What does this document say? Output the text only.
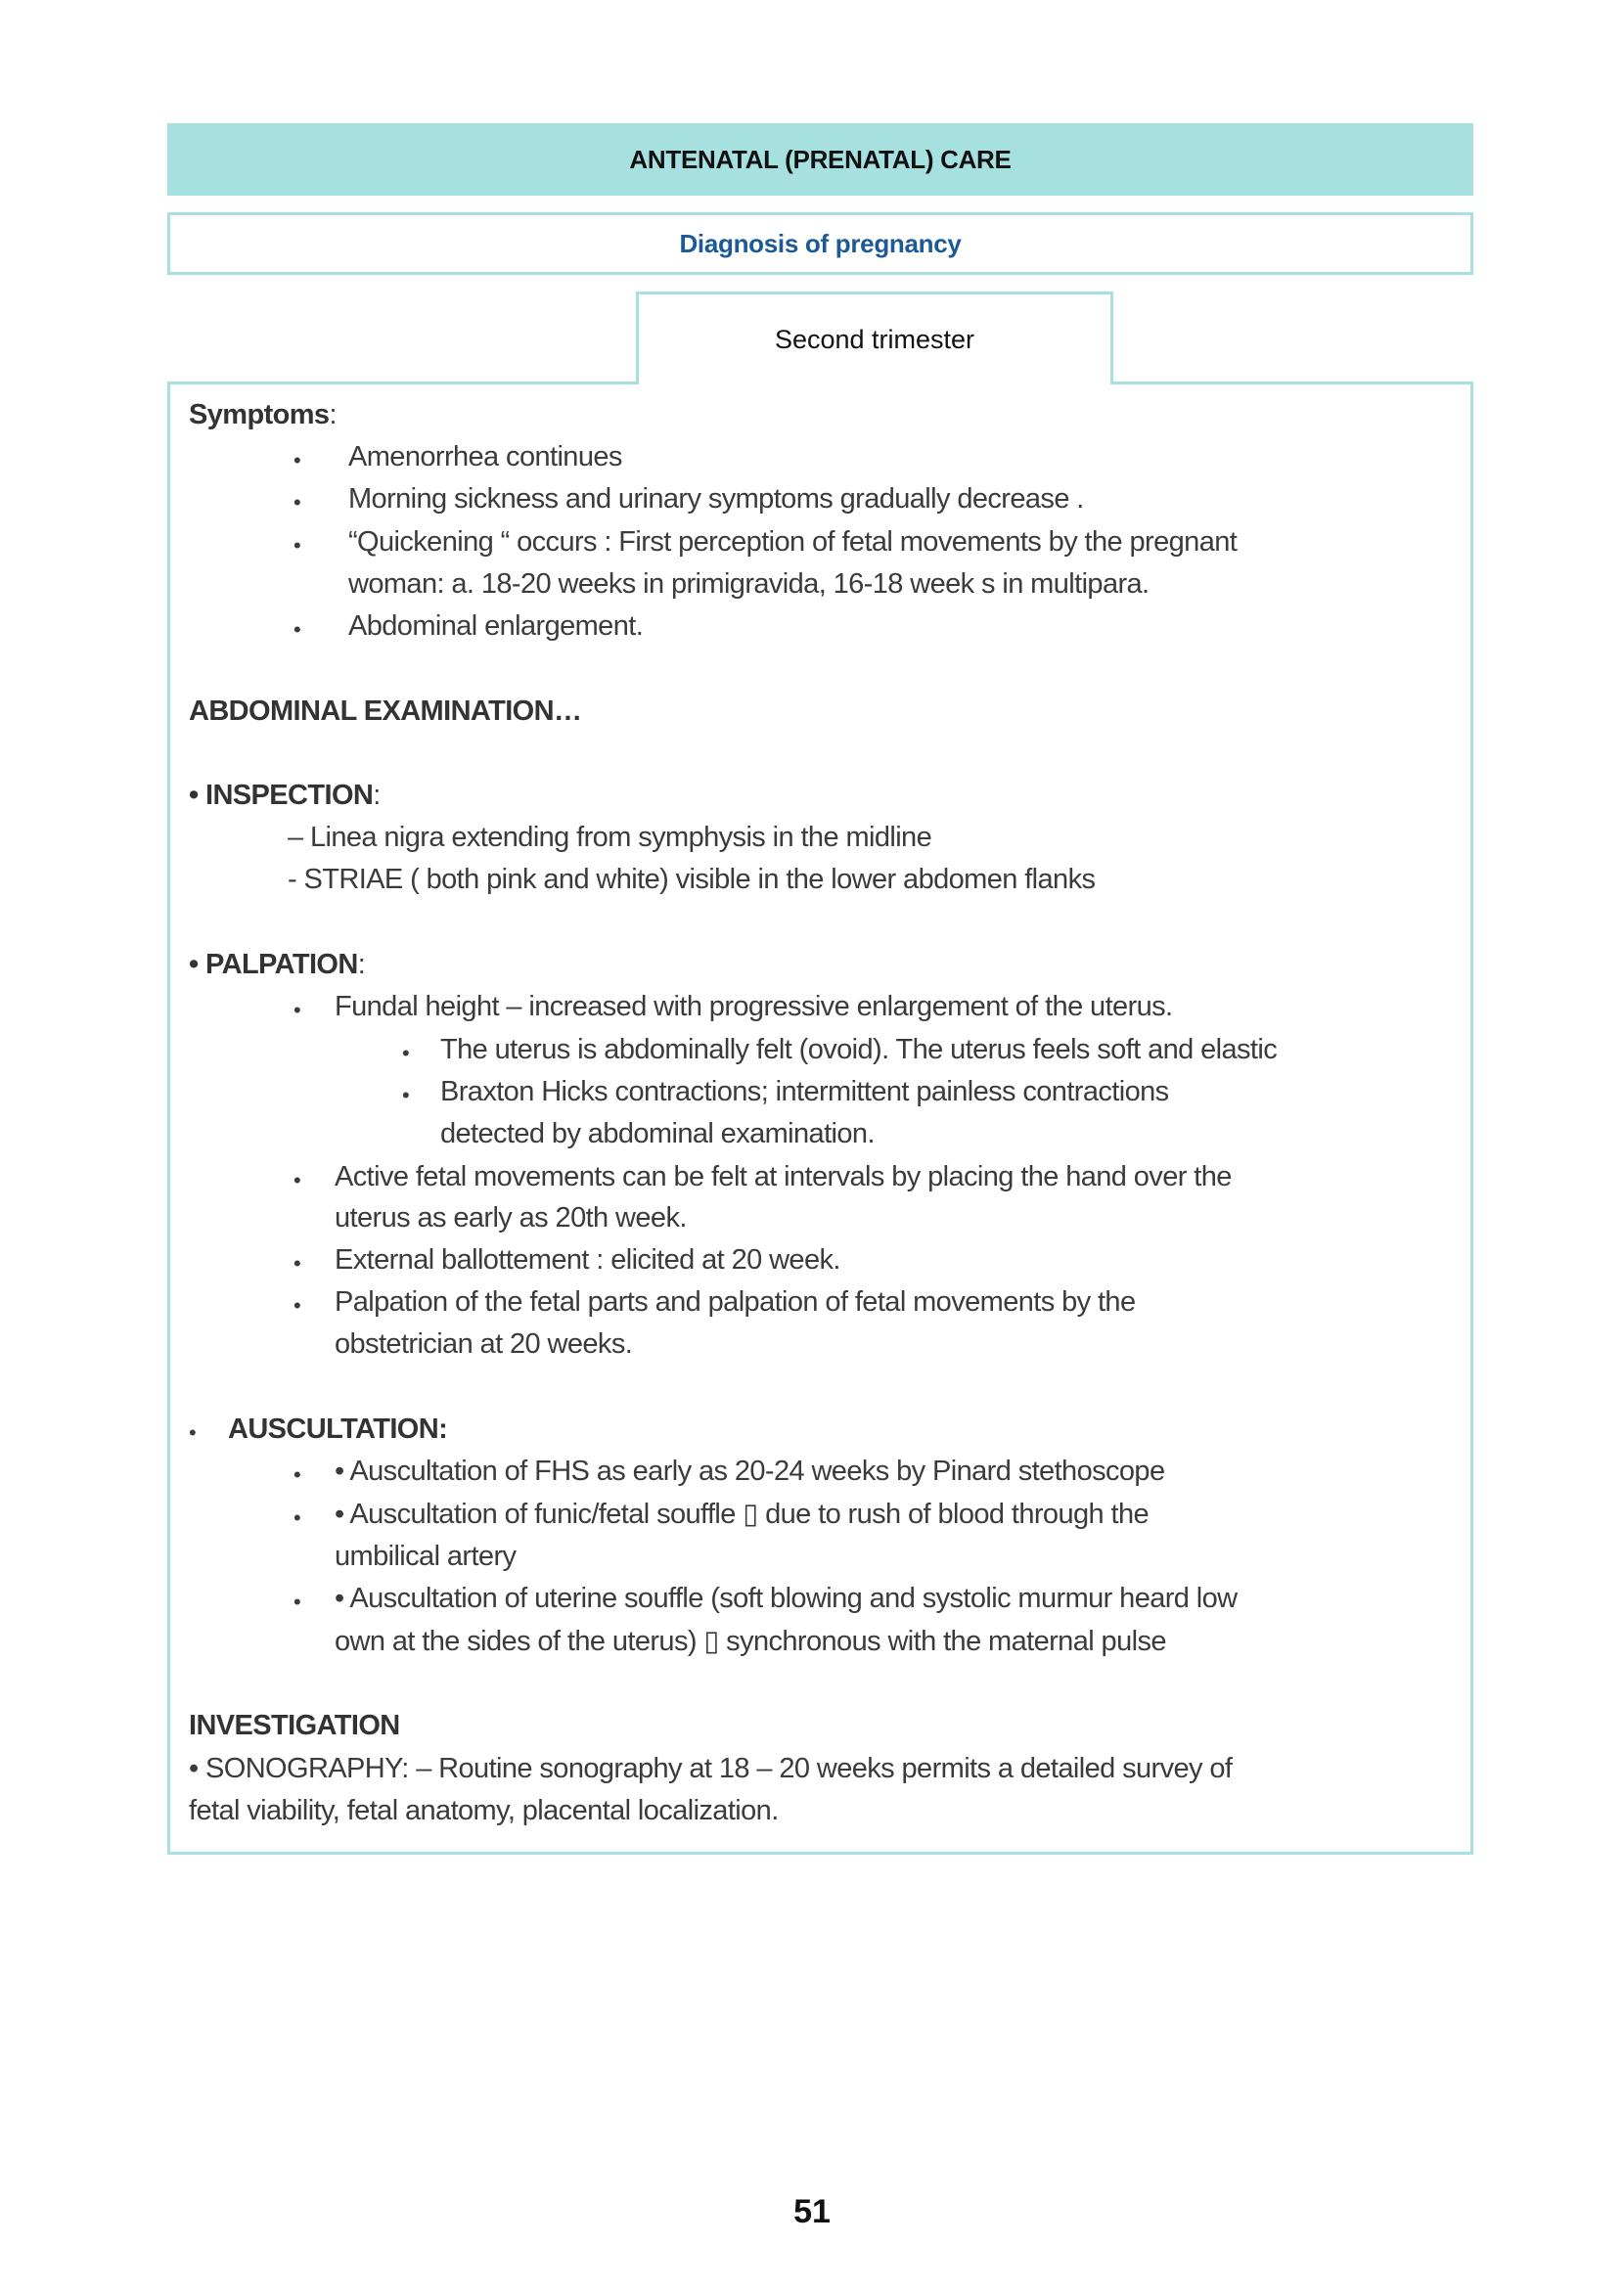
ANTENATAL (PRENATAL) CARE
Diagnosis of pregnancy
Second trimester
Symptoms:
• Amenorrhea continues
• Morning sickness and urinary symptoms gradually decrease .
• “Quickening “ occurs : First perception of fetal movements by the pregnant
woman: a. 18-20 weeks in primigravida, 16-18 week s in multipara.
• Abdominal enlargement.
ABDOMINAL EXAMINATION…
• INSPECTION:
– Linea nigra extending from symphysis in the midline
- STRIAE ( both pink and white) visible in the lower abdomen flanks
• PALPATION:
• Fundal height – increased with progressive enlargement of the uterus.
• The uterus is abdominally felt (ovoid). The uterus feels soft and elastic
• Braxton Hicks contractions; intermittent painless contractions
detected by abdominal examination.
• Active fetal movements can be felt at intervals by placing the hand over the
uterus as early as 20th week.
• External ballottement : elicited at 20 week.
• Palpation of the fetal parts and palpation of fetal movements by the
obstetrician at 20 weeks.
• AUSCULTATION:
• • Auscultation of FHS as early as 20-24 weeks by Pinard stethoscope
• • Auscultation of funic/fetal souffle ▯ due to rush of blood through the
umbilical artery
• • Auscultation of uterine souffle (soft blowing and systolic murmur heard low
own at the sides of the uterus) ▯ synchronous with the maternal pulse
INVESTIGATION
• SONOGRAPHY: – Routine sonography at 18 – 20 weeks permits a detailed survey of
fetal viability, fetal anatomy, placental localization.
51
